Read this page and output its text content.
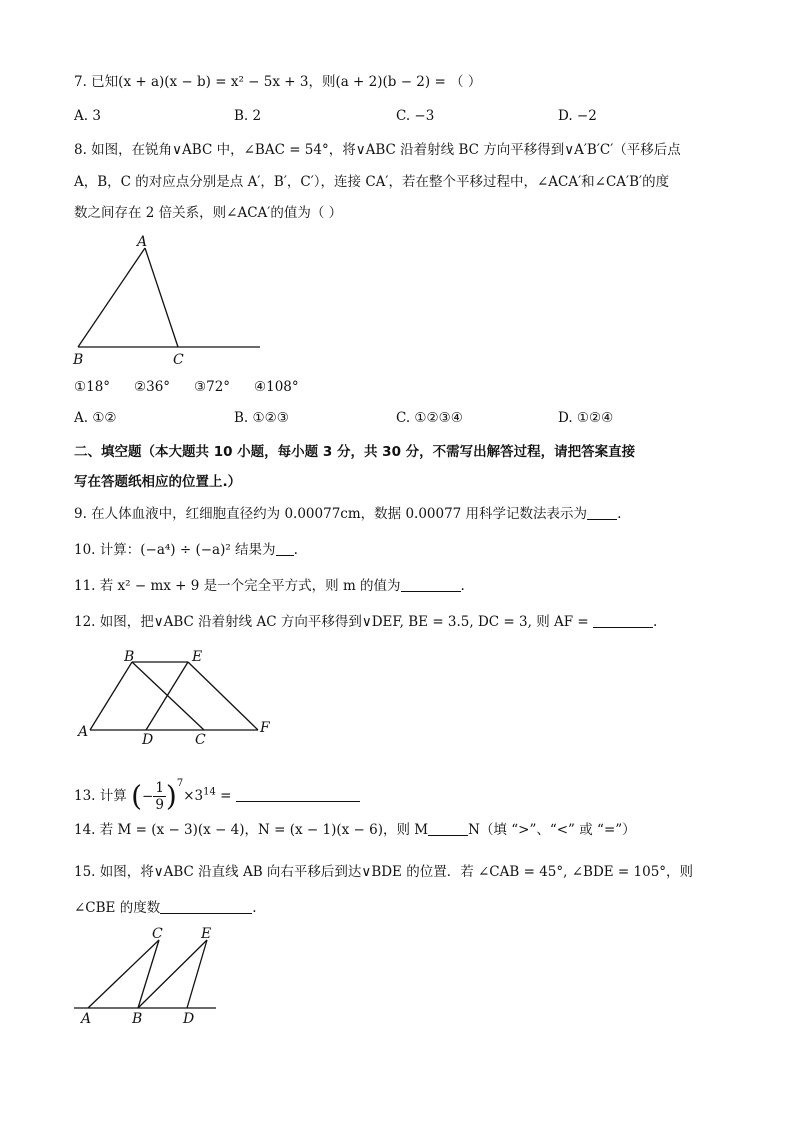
7. 已知(x + a)(x − b) = x² − 5x + 3，则(a + 2)(b − 2) = （ ）
A. 3	B. 2	C. −3	D. −2
8. 如图，在锐角∨ABC 中，∠BAC = 54°，将∨ABC 沿着射线 BC 方向平移得到∨A′B′C′（平移后点
A，B，C 的对应点分别是点 A′，B′，C′），连接 CA′，若在整个平移过程中，∠ACA′和∠CA′B′的度
数之间存在 2 倍关系，则∠ACA′的值为（ ）
A
B	C
①18° ②36° ③72° ④108°
A. ①②	B. ①②③	C. ①②③④	D. ①②④
二、填空题（本大题共 10 小题，每小题 3 分，共 30 分，不需写出解答过程，请把答案直接
写在答题纸相应的位置上.）
9. 在人体血液中，红细胞直径约为 0.00077cm，数据 0.00077 用科学记数法表示为 .
10. 计算：(−a⁴) ÷ (−a)² 结果为 .
11. 若 x² − mx + 9 是一个完全平方式，则 m 的值为	.
12. 如图，把∨ABC 沿着射线 AC 方向平移得到∨DEF, BE = 3.5, DC = 3, 则 AF =	.
B	E
A	D	C
F
13. 计算 (− $\frac{1}{9} )^7\times 3^{14}$ =
14. 若 M = (x − 3)(x − 4)，N = (x − 1)(x − 6)，则 M	N（填 “>”、“<” 或 “=”）
15. 如图，将∨ABC 沿直线 AB 向右平移后到达∨BDE 的位置．若 ∠CAB = 45°, ∠BDE = 105°，则
∠CBE 的度数	.
C	E
A	B	D
